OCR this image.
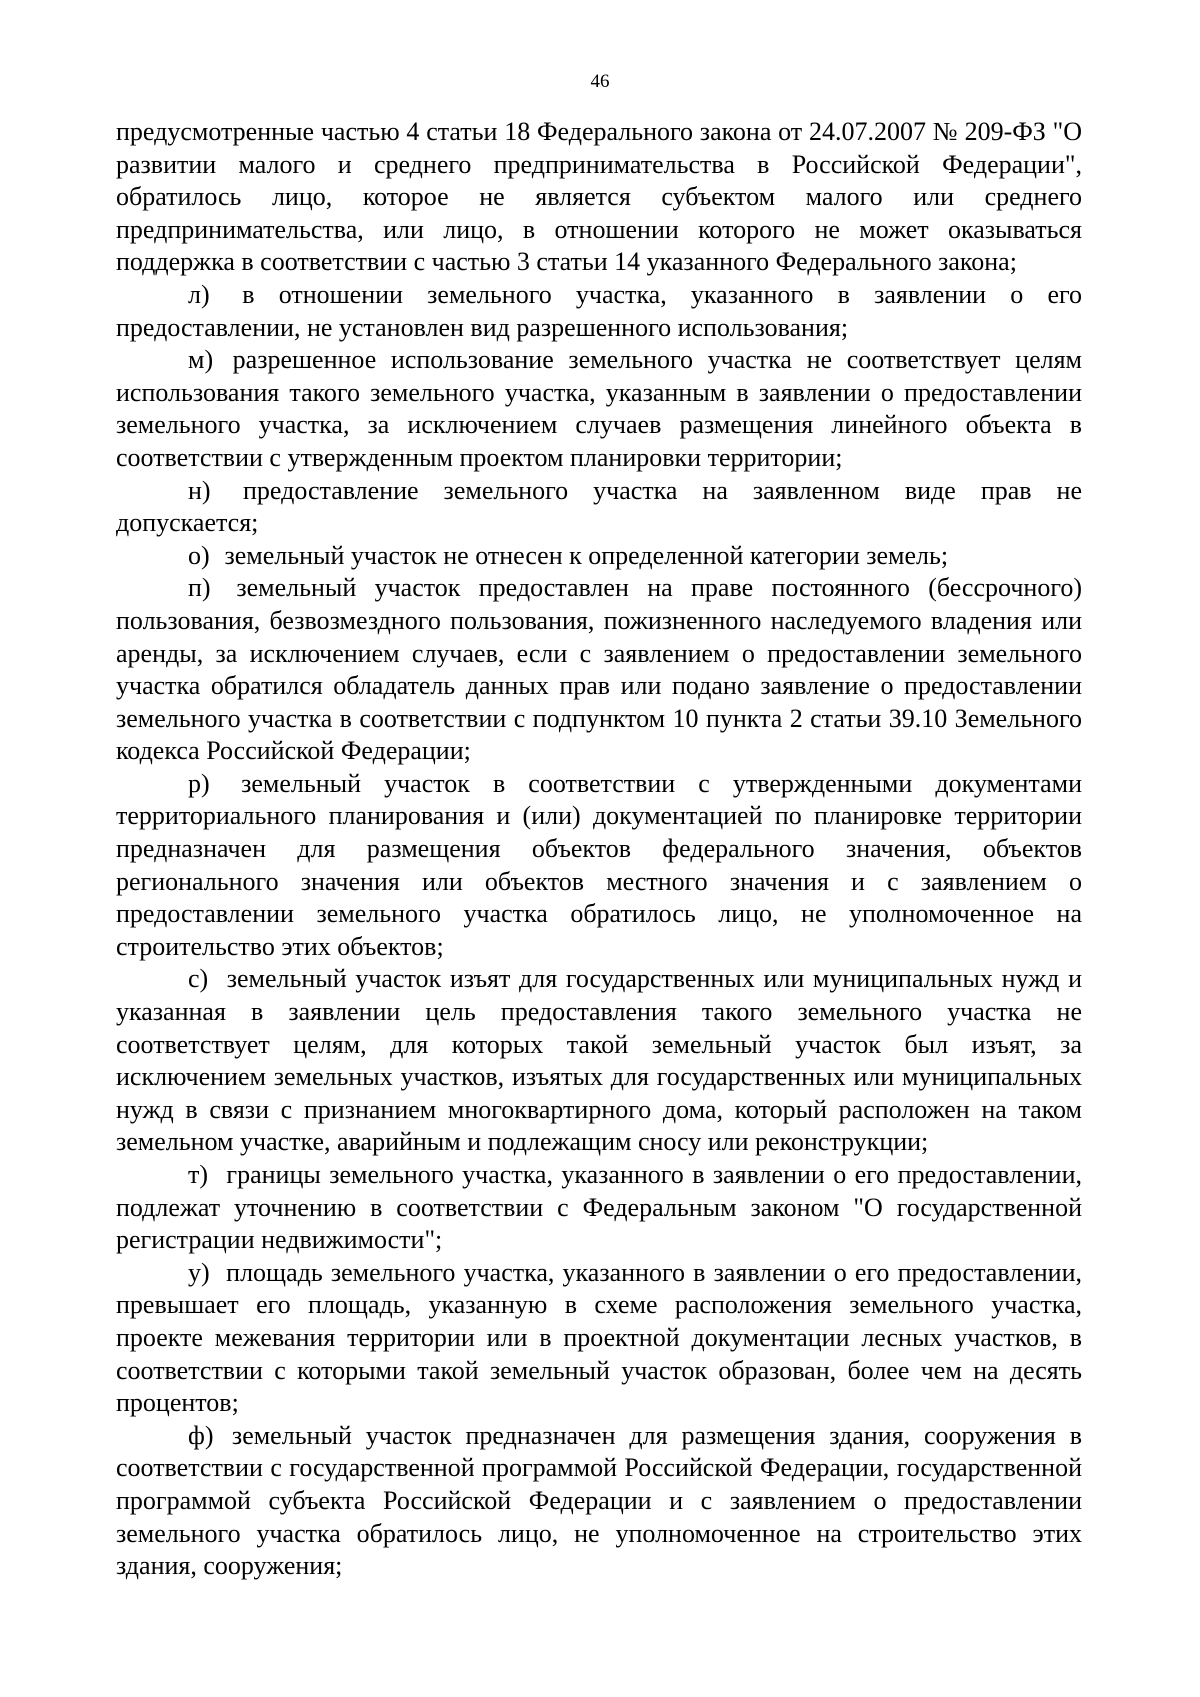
46

предусмотренные частью 4 статьи 18 Федерального закона от 24.07.2007 № 209-ФЗ "О развитии малого и среднего предпринимательства в Российской Федерации", обратилось лицо, которое не является субъектом малого или среднего предпринимательства, или лицо, в отношении которого не может оказываться поддержка в соответствии с частью 3 статьи 14 указанного Федерального закона;

л) в отношении земельного участка, указанного в заявлении о его предоставлении, не установлен вид разрешенного использования;

м) разрешенное использование земельного участка не соответствует целям использования такого земельного участка, указанным в заявлении о предоставлении земельного участка, за исключением случаев размещения линейного объекта в соответствии с утвержденным проектом планировки территории;

н) предоставление земельного участка на заявленном виде прав не допускается;

о) земельный участок не отнесен к определенной категории земель;

п) земельный участок предоставлен на праве постоянного (бессрочного) пользования, безвозмездного пользования, пожизненного наследуемого владения или аренды, за исключением случаев, если с заявлением о предоставлении земельного участка обратился обладатель данных прав или подано заявление о предоставлении земельного участка в соответствии с подпунктом 10 пункта 2 статьи 39.10 Земельного кодекса Российской Федерации;

р) земельный участок в соответствии с утвержденными документами территориального планирования и (или) документацией по планировке территории предназначен для размещения объектов федерального значения, объектов регионального значения или объектов местного значения и с заявлением о предоставлении земельного участка обратилось лицо, не уполномоченное на строительство этих объектов;

с) земельный участок изъят для государственных или муниципальных нужд и указанная в заявлении цель предоставления такого земельного участка не соответствует целям, для которых такой земельный участок был изъят, за исключением земельных участков, изъятых для государственных или муниципальных нужд в связи с признанием многоквартирного дома, который расположен на таком земельном участке, аварийным и подлежащим сносу или реконструкции;

т) границы земельного участка, указанного в заявлении о его предоставлении, подлежат уточнению в соответствии с Федеральным законом "О государственной регистрации недвижимости";

у) площадь земельного участка, указанного в заявлении о его предоставлении, превышает его площадь, указанную в схеме расположения земельного участка, проекте межевания территории или в проектной документации лесных участков, в соответствии с которыми такой земельный участок образован, более чем на десять процентов;

ф) земельный участок предназначен для размещения здания, сооружения в соответствии с государственной программой Российской Федерации, государственной программой субъекта Российской Федерации и с заявлением о предоставлении земельного участка обратилось лицо, не уполномоченное на строительство этих здания, сооружения;
